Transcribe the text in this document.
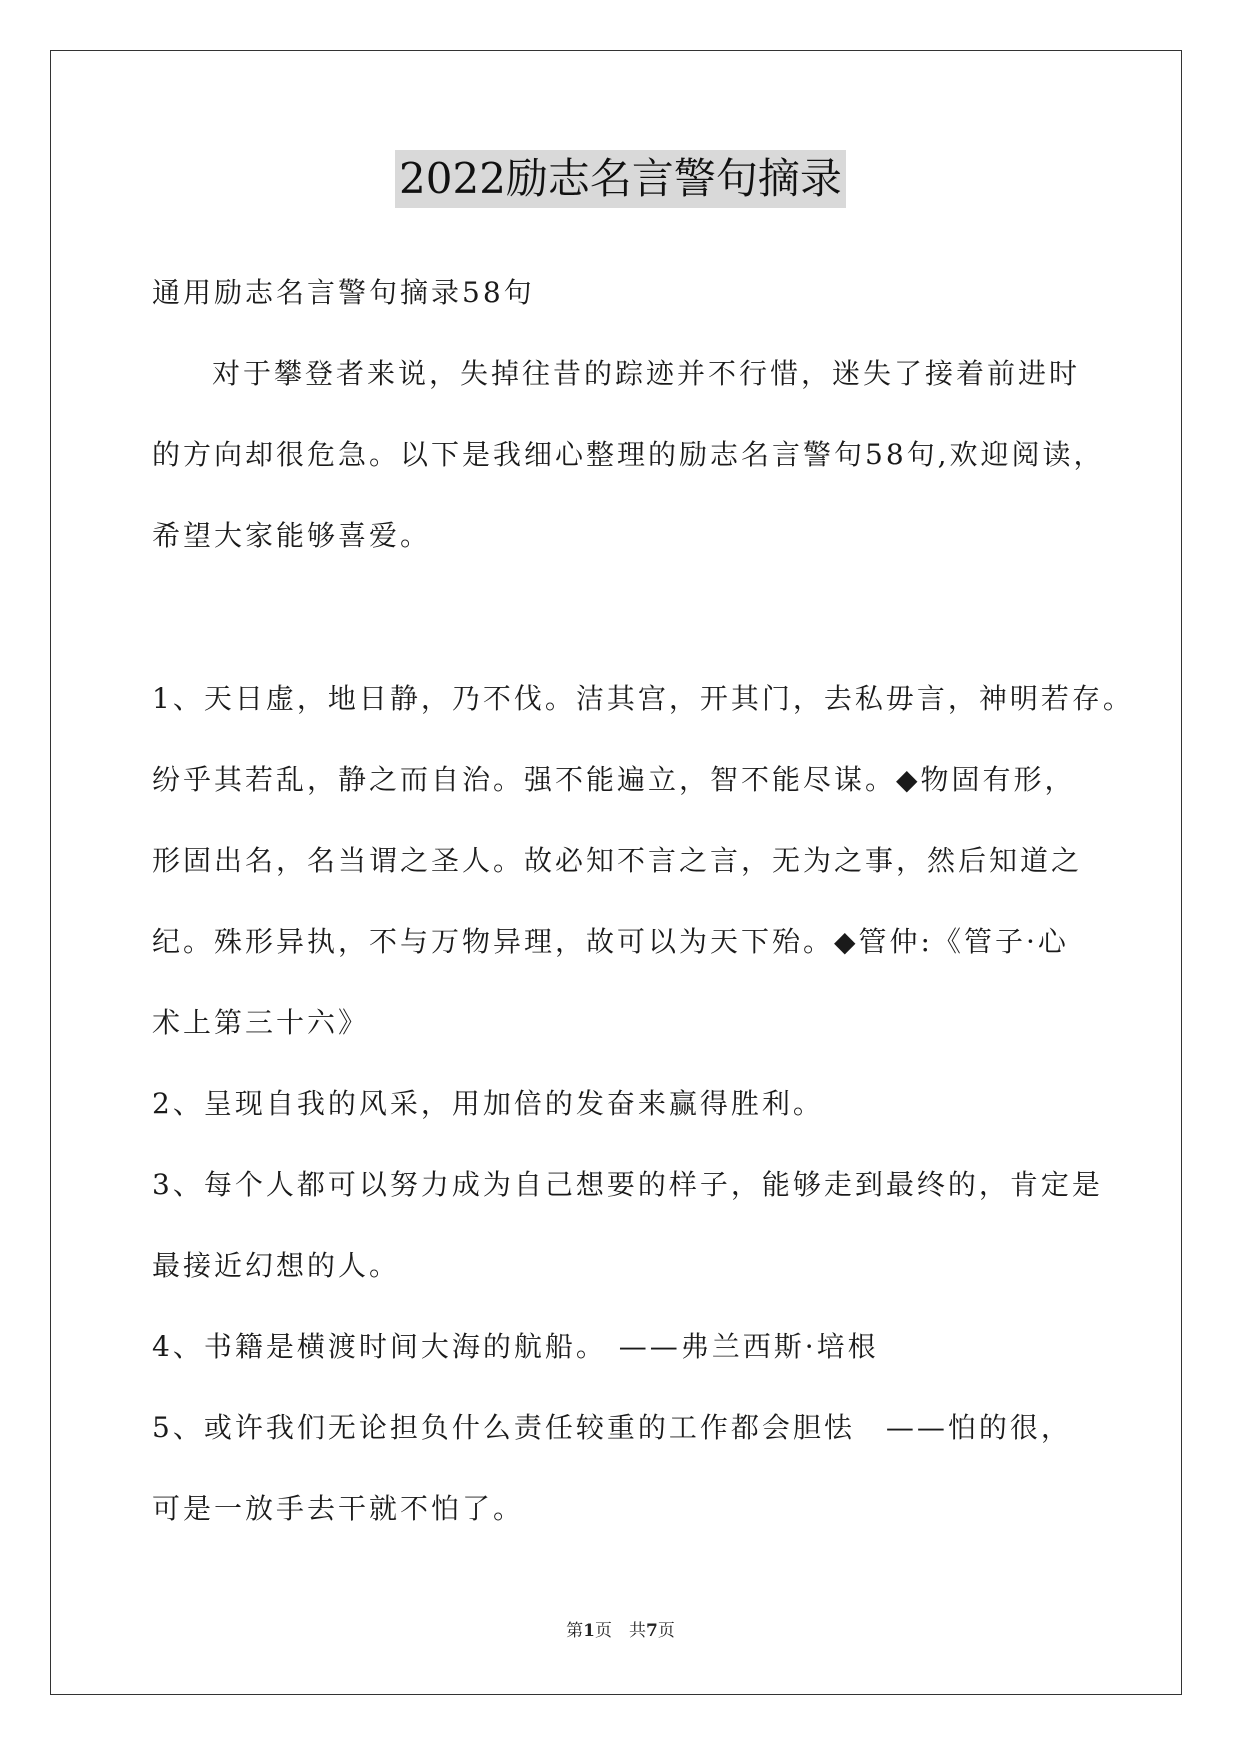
2022励志名言警句摘录
通用励志名言警句摘录58句
对于攀登者来说，失掉往昔的踪迹并不行惜，迷失了接着前进时
的方向却很危急。以下是我细心整理的励志名言警句58句,欢迎阅读，
希望大家能够喜爱。
1、天日虚，地日静，乃不伐。洁其宫，开其门，去私毋言，神明若存。
纷乎其若乱，静之而自治。强不能遍立，智不能尽谋。◆物固有形，
形固出名，名当谓之圣人。故必知不言之言，无为之事，然后知道之
纪。殊形异执，不与万物异理，故可以为天下殆。◆管仲:《管子·心
术上第三十六》
2、呈现自我的风采，用加倍的发奋来赢得胜利。
3、每个人都可以努力成为自己想要的样子，能够走到最终的，肯定是
最接近幻想的人。
4、书籍是横渡时间大海的航船。 ——弗兰西斯·培根
5、或许我们无论担负什么责任较重的工作都会胆怯　——怕的很，
可是一放手去干就不怕了。
第1页　共7页
